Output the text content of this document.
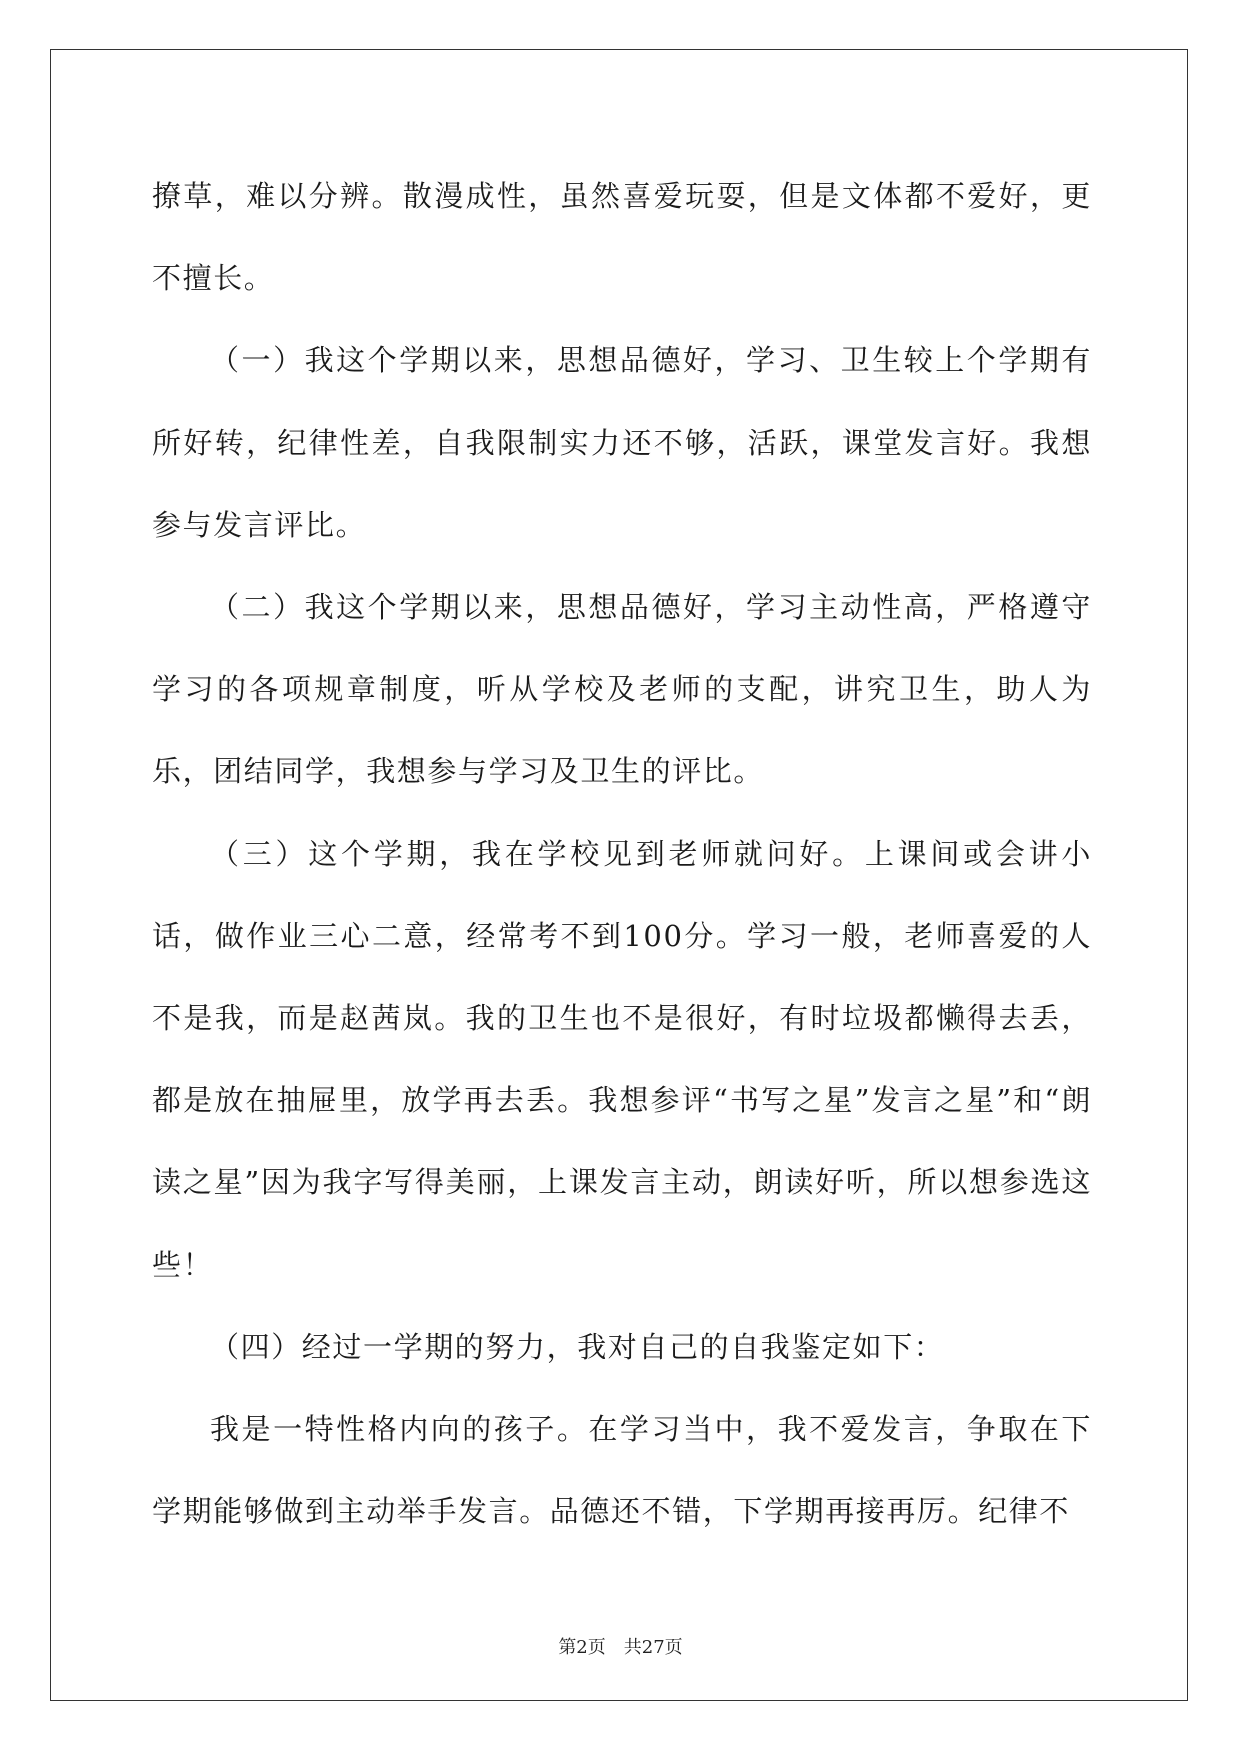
撩草，难以分辨。散漫成性，虽然喜爱玩耍，但是文体都不爱好，更不擅长。

（一）我这个学期以来，思想品德好，学习、卫生较上个学期有所好转，纪律性差，自我限制实力还不够，活跃，课堂发言好。我想参与发言评比。

（二）我这个学期以来，思想品德好，学习主动性高，严格遵守学习的各项规章制度，听从学校及老师的支配，讲究卫生，助人为乐，团结同学，我想参与学习及卫生的评比。

（三）这个学期，我在学校见到老师就问好。上课间或会讲小话，做作业三心二意，经常考不到100分。学习一般，老师喜爱的人不是我，而是赵茜岚。我的卫生也不是很好，有时垃圾都懒得去丢，都是放在抽屉里，放学再去丢。我想参评“书写之星”发言之星”和“朗读之星”因为我字写得美丽，上课发言主动，朗读好听，所以想参选这些！

（四）经过一学期的努力，我对自己的自我鉴定如下：

我是一特性格内向的孩子。在学习当中，我不爱发言，争取在下学期能够做到主动举手发言。品德还不错，下学期再接再厉。纪律不

第2页 共27页
